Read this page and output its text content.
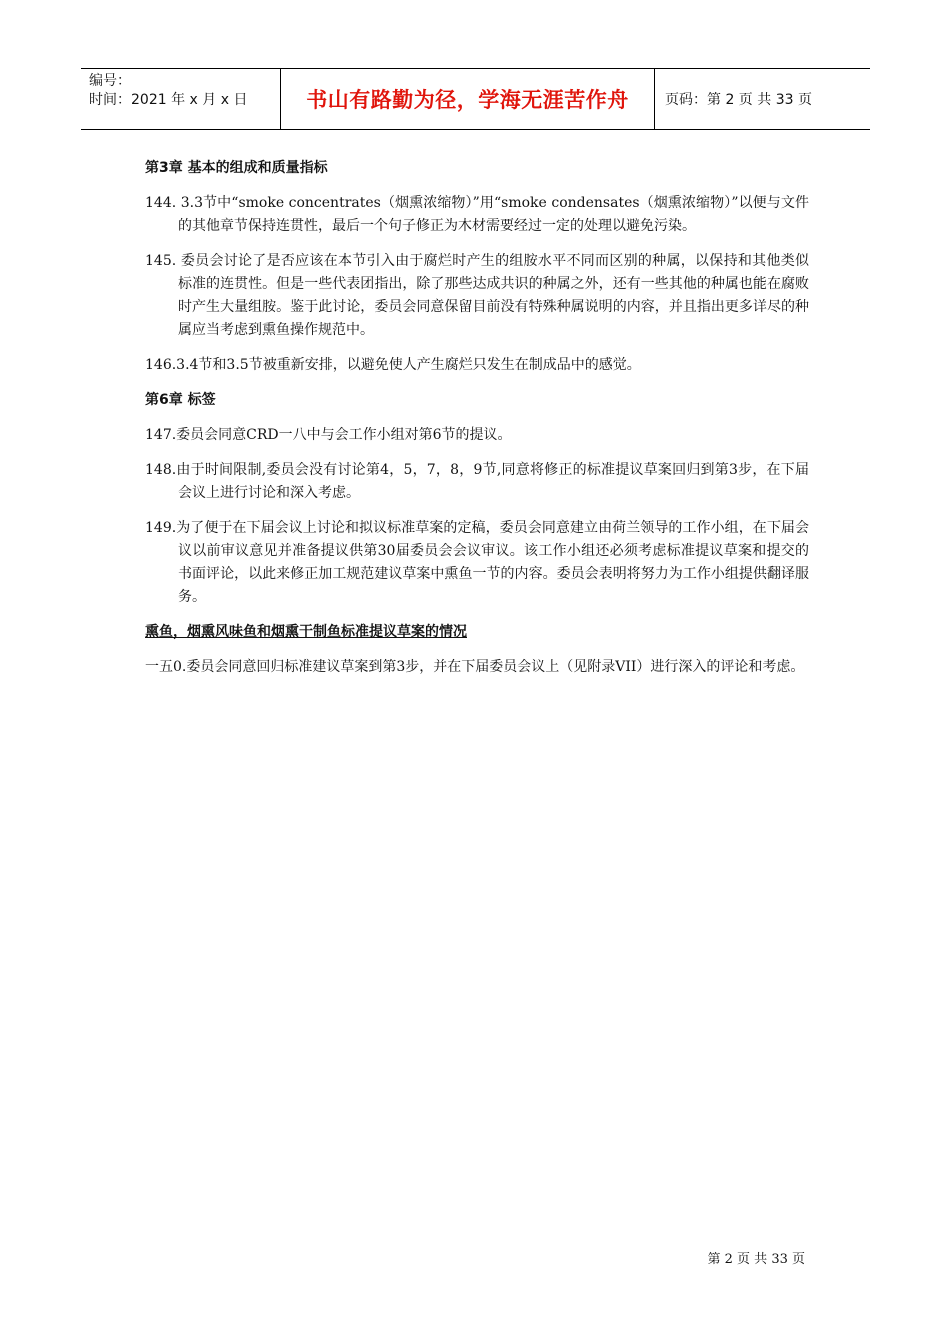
编号：
时间：2021 年 x 月 x 日	书山有路勤为径，学海无涯苦作舟	页码：第 2 页 共 33 页
第3章 基本的组成和质量指标

144. 3.3节中“smoke concentrates（烟熏浓缩物）”用“smoke condensates（烟熏浓缩物）”以便与文件的其他章节保持连贯性，最后一个句子修正为木材需要经过一定的处理以避免污染。

145. 委员会讨论了是否应该在本节引入由于腐烂时产生的组胺水平不同而区别的种属，以保持和其他类似标准的连贯性。但是一些代表团指出，除了那些达成共识的种属之外，还有一些其他的种属也能在腐败时产生大量组胺。鉴于此讨论，委员会同意保留目前没有特殊种属说明的内容，并且指出更多详尽的种属应当考虑到熏鱼操作规范中。

146.3.4节和3.5节被重新安排，以避免使人产生腐烂只发生在制成品中的感觉。

第6章 标签

147.委员会同意CRD一八中与会工作小组对第6节的提议。

148.由于时间限制,委员会没有讨论第4，5，7，8，9节,同意将修正的标准提议草案回归到第3步，在下届会议上进行讨论和深入考虑。

149.为了便于在下届会议上讨论和拟议标准草案的定稿，委员会同意建立由荷兰领导的工作小组，在下届会议以前审议意见并准备提议供第30届委员会会议审议。该工作小组还必须考虑标准提议草案和提交的书面评论，以此来修正加工规范建议草案中熏鱼一节的内容。委员会表明将努力为工作小组提供翻译服务。

熏鱼，烟熏风味鱼和烟熏干制鱼标准提议草案的情况

一五0.委员会同意回归标准建议草案到第3步，并在下届委员会议上（见附录VII）进行深入的评论和考虑。

第 2 页 共 33 页
